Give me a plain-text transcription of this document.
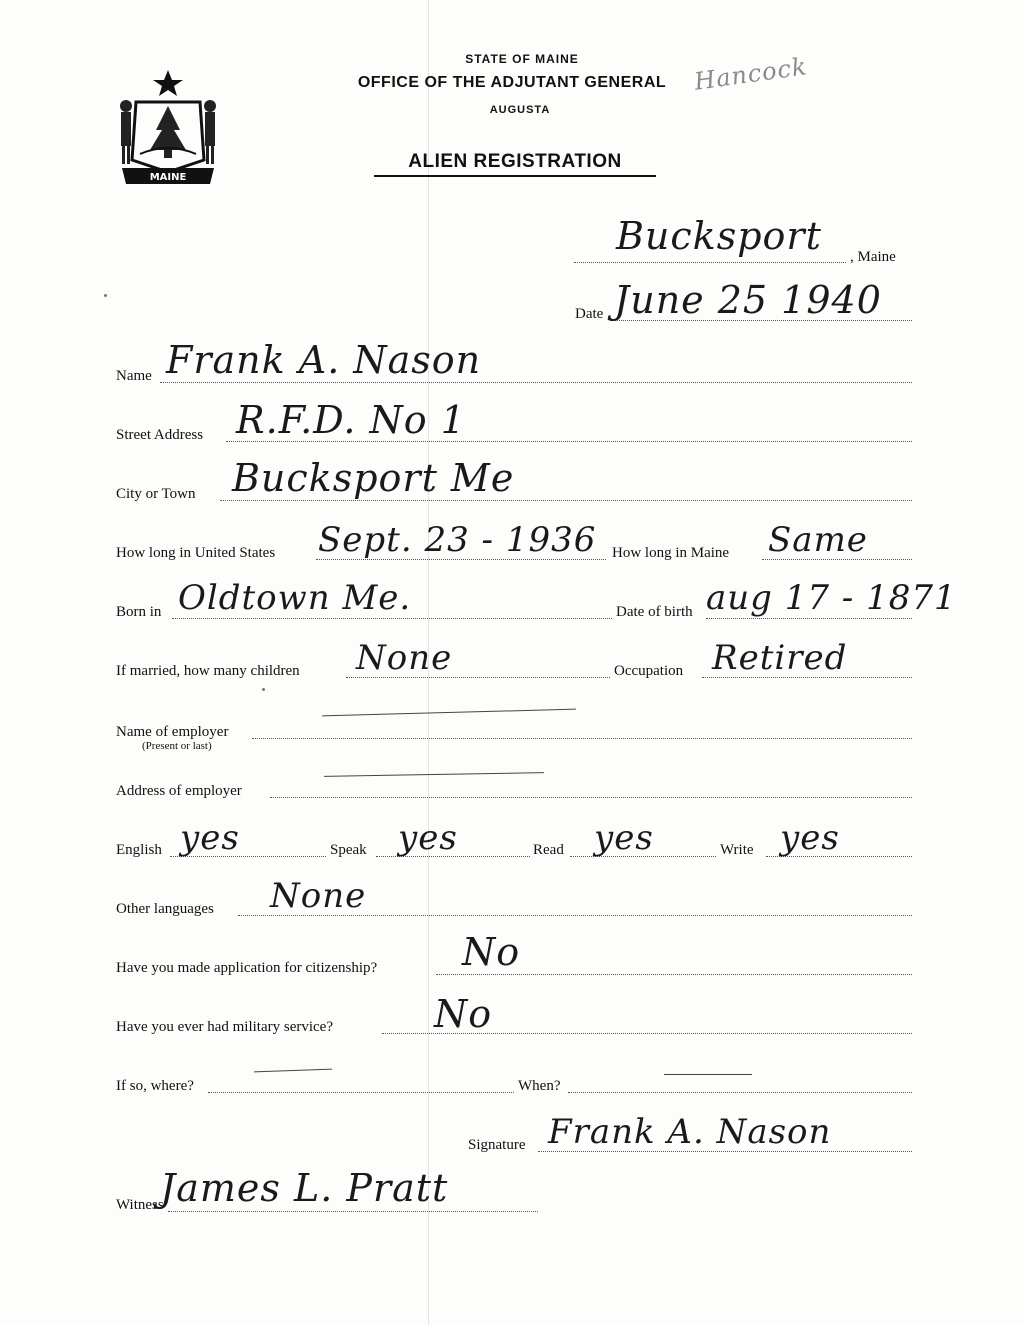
MAINE
STATE OF MAINE
OFFICE OF THE ADJUTANT GENERAL
AUGUSTA
ALIEN REGISTRATION
Hancock
Bucksport , Maine
Date June 25 1940
Name Frank A. Nason
Street Address R.F.D. No 1
City or Town Bucksport Me
How long in United States Sept. 23 - 1936 How long in Maine Same
Born in Oldtown Me.	Date of birth aug 17 - 1871
If married, how many children None	Occupation Retired
Name of employer
(Present or last)
Address of employer
English yes	Speak yes	Read yes	Write yes
Other languages None
Have you made application for citizenship? No
Have you ever had military service?	No
If so, where?	When?
Signature Frank A. Nason
Witness
James L. Pratt
